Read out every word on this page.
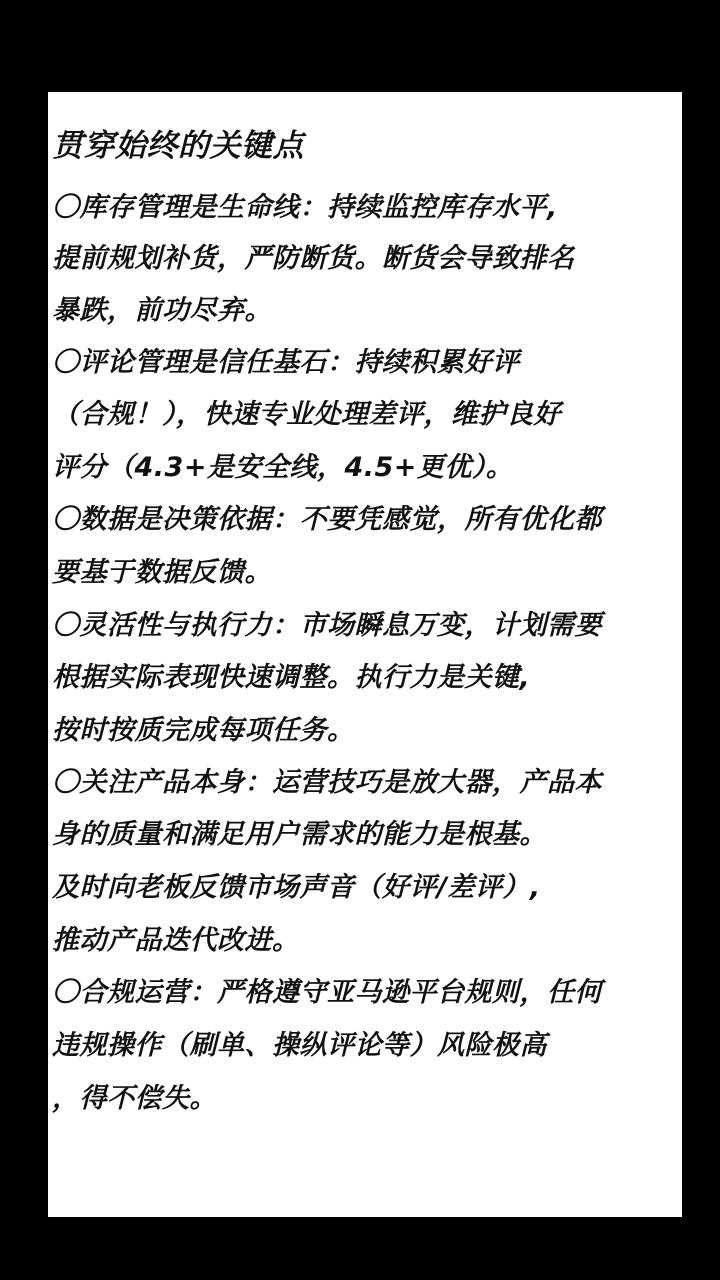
贯穿始终的关键点
〇库存管理是生命线：持续监控库存水平,
提前规划补货，严防断货。断货会导致排名
暴跌，前功尽弃。
〇评论管理是信任基石：持续积累好评
（合规！），快速专业处理差评，维护良好
评分（4.3+是安全线，4.5+更优）。
〇数据是决策依据：不要凭感觉，所有优化都
要基于数据反馈。
〇灵活性与执行力：市场瞬息万变，计划需要
根据实际表现快速调整。执行力是关键,
按时按质完成每项任务。
〇关注产品本身：运营技巧是放大器，产品本
身的质量和满足用户需求的能力是根基。
及时向老板反馈市场声音（好评/差评）,
推动产品迭代改进。
〇合规运营：严格遵守亚马逊平台规则，任何
违规操作（刷单、操纵评论等）风险极高
，得不偿失。
